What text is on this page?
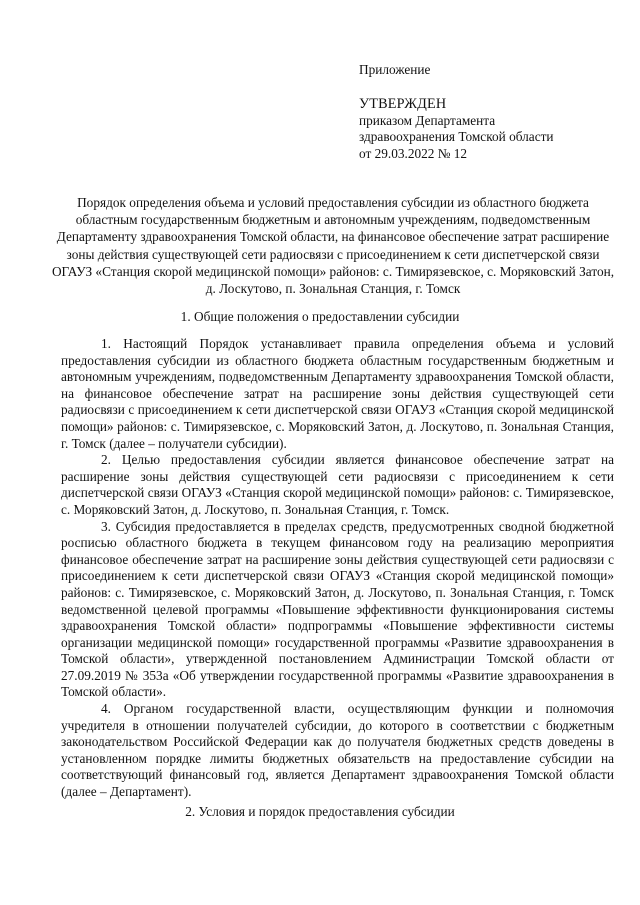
Приложение
УТВЕРЖДЕН
приказом Департамента
здравоохранения Томской области
от 29.03.2022 № 12
Порядок определения объема и условий предоставления субсидии из областного бюджета областным государственным бюджетным и автономным учреждениям, подведомственным Департаменту здравоохранения Томской области, на финансовое обеспечение затрат расширение зоны действия существующей сети радиосвязи с присоединением к сети диспетчерской связи ОГАУЗ «Станция скорой медицинской помощи» районов: с. Тимирязевское, с. Моряковский Затон, д. Лоскутово, п. Зональная Станция, г. Томск
1. Общие положения о предоставлении субсидии

1. Настоящий Порядок устанавливает правила определения объема и условий предоставления субсидии из областного бюджета областным государственным бюджетным и автономным учреждениям, подведомственным Департаменту здравоохранения Томской области, на финансовое обеспечение затрат на расширение зоны действия существующей сети радиосвязи с присоединением к сети диспетчерской связи ОГАУЗ «Станция скорой медицинской помощи» районов: с. Тимирязевское, с. Моряковский Затон, д. Лоскутово, п. Зональная Станция, г. Томск (далее – получатели субсидии).

2. Целью предоставления субсидии является финансовое обеспечение затрат на расширение зоны действия существующей сети радиосвязи с присоединением к сети диспетчерской связи ОГАУЗ «Станция скорой медицинской помощи» районов: с. Тимирязевское, с. Моряковский Затон, д. Лоскутово, п. Зональная Станция, г. Томск.

3. Субсидия предоставляется в пределах средств, предусмотренных сводной бюджетной росписью областного бюджета в текущем финансовом году на реализацию мероприятия финансовое обеспечение затрат на расширение зоны действия существующей сети радиосвязи с присоединением к сети диспетчерской связи ОГАУЗ «Станция скорой медицинской помощи» районов: с. Тимирязевское, с. Моряковский Затон, д. Лоскутово, п. Зональная Станция, г. Томск ведомственной целевой программы «Повышение эффективности функционирования системы здравоохранения Томской области» подпрограммы «Повышение эффективности системы организации медицинской помощи» государственной программы «Развитие здравоохранения в Томской области», утвержденной постановлением Администрации Томской области от 27.09.2019 № 353а «Об утверждении государственной программы «Развитие здравоохранения в Томской области».

4. Органом государственной власти, осуществляющим функции и полномочия учредителя в отношении получателей субсидии, до которого в соответствии с бюджетным законодательством Российской Федерации как до получателя бюджетных средств доведены в установленном порядке лимиты бюджетных обязательств на предоставление субсидии на соответствующий финансовый год, является Департамент здравоохранения Томской области (далее – Департамент).

2. Условия и порядок предоставления субсидии
